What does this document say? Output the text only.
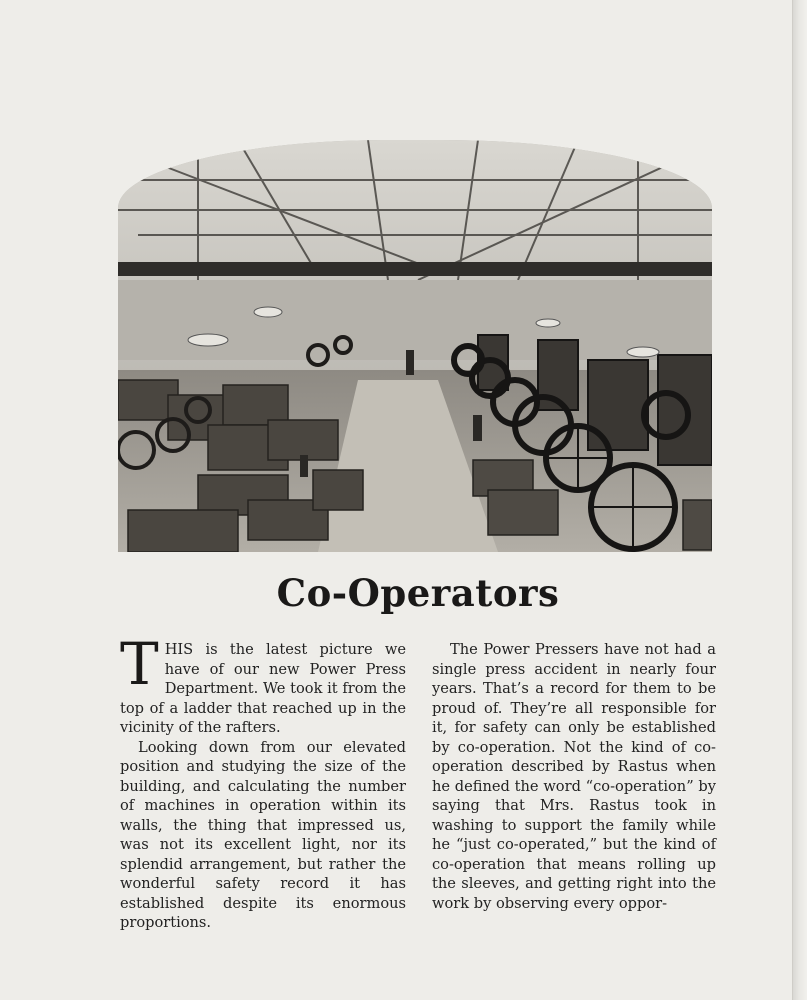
Co-Operators

THIS is the latest picture we have of our new Power Press Department. We took it from the top of a ladder that reached up in the vicinity of the rafters.

Looking down from our elevated position and studying the size of the building, and calculating the number of machines in operation within its walls, the thing that impressed us, was not its excellent light, nor its splendid arrangement, but rather the wonderful safety record it has established despite its enormous proportions.

The Power Pressers have not had a single press accident in nearly four years. That’s a record for them to be proud of. They’re all responsible for it, for safety can only be established by co-operation. Not the kind of co-operation described by Rastus when he defined the word “co-operation” by saying that Mrs. Rastus took in washing to support the family while he “just co-operated,” but the kind of co-operation that means rolling up the sleeves, and getting right into the work by observing every oppor-
